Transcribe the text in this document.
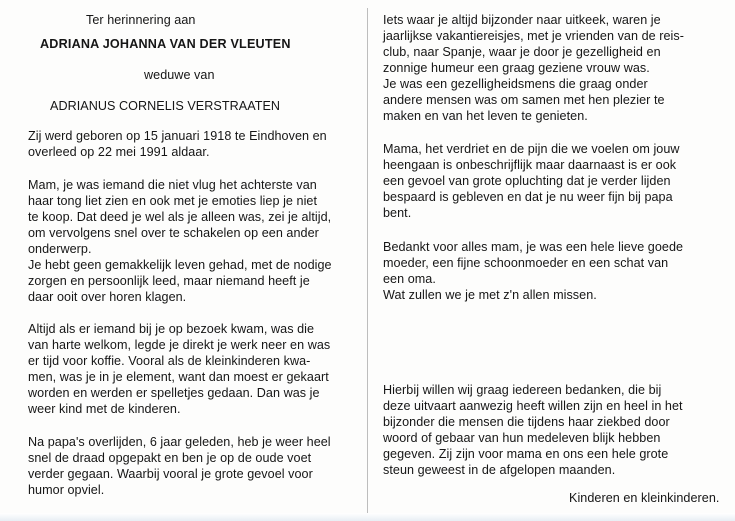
Ter herinnering aan
ADRIANA JOHANNA VAN DER VLEUTEN
weduwe van
ADRIANUS CORNELIS VERSTRAATEN

Zij werd geboren op 15 januari 1918 te Eindhoven en
overleed op 22 mei 1991 aldaar.

Mam, je was iemand die niet vlug het achterste van
haar tong liet zien en ook met je emoties liep je niet
te koop. Dat deed je wel als je alleen was, zei je altijd,
om vervolgens snel over te schakelen op een ander
onderwerp.
Je hebt geen gemakkelijk leven gehad, met de nodige
zorgen en persoonlijk leed, maar niemand heeft je
daar ooit over horen klagen.

Altijd als er iemand bij je op bezoek kwam, was die
van harte welkom, legde je direkt je werk neer en was
er tijd voor koffie. Vooral als de kleinkinderen kwa-
men, was je in je element, want dan moest er gekaart
worden en werden er spelletjes gedaan. Dan was je
weer kind met de kinderen.

Na papa's overlijden, 6 jaar geleden, heb je weer heel
snel de draad opgepakt en ben je op de oude voet
verder gegaan. Waarbij vooral je grote gevoel voor
humor opviel.

Iets waar je altijd bijzonder naar uitkeek, waren je
jaarlijkse vakantiereisjes, met je vrienden van de reis-
club, naar Spanje, waar je door je gezelligheid en
zonnige humeur een graag geziene vrouw was.
Je was een gezelligheidsmens die graag onder
andere mensen was om samen met hen plezier te
maken en van het leven te genieten.

Mama, het verdriet en de pijn die we voelen om jouw
heengaan is onbeschrijflijk maar daarnaast is er ook
een gevoel van grote opluchting dat je verder lijden
bespaard is gebleven en dat je nu weer fijn bij papa
bent.

Bedankt voor alles mam, je was een hele lieve goede
moeder, een fijne schoonmoeder en een schat van
een oma.
Wat zullen we je met z'n allen missen.

Hierbij willen wij graag iedereen bedanken, die bij
deze uitvaart aanwezig heeft willen zijn en heel in het
bijzonder die mensen die tijdens haar ziekbed door
woord of gebaar van hun medeleven blijk hebben
gegeven. Zij zijn voor mama en ons een hele grote
steun geweest in de afgelopen maanden.

Kinderen en kleinkinderen.
